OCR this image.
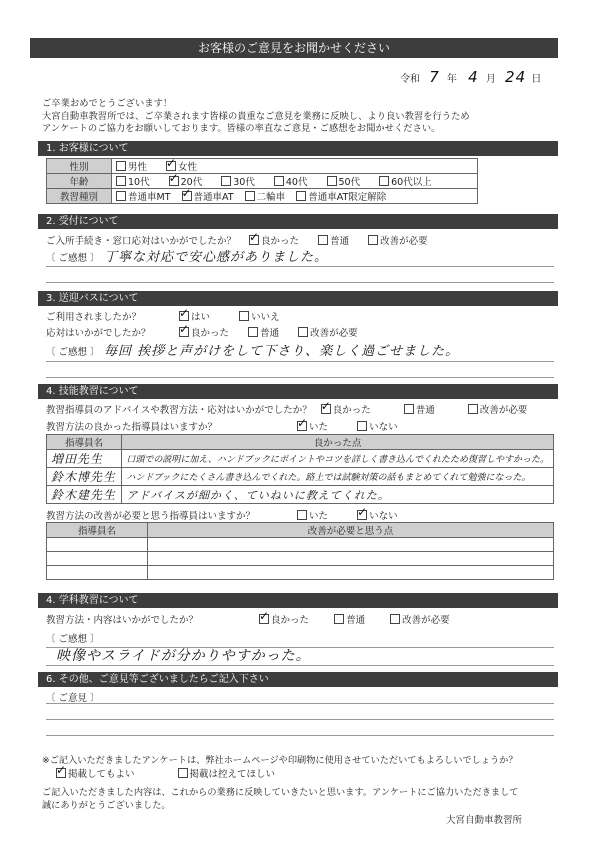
お客様のご意見をお聞かせください
令和 7 年 4 月 24 日
ご卒業おめでとうございます！
大宮自動車教習所では、ご卒業されます皆様の貴重なご意見を業務に反映し、より良い教習を行うため
アンケートのご協力をお願いしております。皆様の率直なご意見・ご感想をお聞かせください。
1. お客様について
性別	男性 ✓ 女性
年齢	10代 ✓ 20代 30代 40代 50代 60代以上
教習種別	普通車MT ✓ 普通車AT 二輪車 普通車AT限定解除
2. 受付について
ご入所手続き・窓口応対はいかがでしたか？ ✓	良かった	普通	改善が必要
〔 ご感想 〕 丁寧な対応で安心感がありました。
3. 送迎バスについて
ご利用されましたか？ ✓	はい	いいえ
応対はいかがでしたか？ ✓	良かった	普通	改善が必要
〔 ご感想 〕 毎回 挨拶と声がけをして下さり、楽しく過ごせました。
4. 技能教習について
教習指導員のアドバイスや教習方法・応対はいかがでしたか？ ✓ 良かった	普通	改善が必要
教習方法の良かった指導員はいますか？ ✓	いた	いない
指導員名	良かった点
増田先生	口頭での説明に加え、ハンドブックにポイントやコツを詳しく書き込んでくれたため復習しやすかった。
鈴木博先生	ハンドブックにたくさん書き込んでくれた。路上では試験対策の話もまとめてくれて勉強になった。
鈴木建先生	アドバイスが細かく、ていねいに教えてくれた。
教習方法の改善が必要と思う指導員はいますか？	いた ✓	いない
指導員名	改善が必要と思う点

4. 学科教習について
教習方法・内容はいかがでしたか？ ✓	良かった	普通	改善が必要
〔 ご感想 〕
映像やスライドが分かりやすかった。
6. その他、ご意見等ございましたらご記入下さい
〔 ご意見 〕
※ご記入いただきましたアンケートは、弊社ホームページや印刷物に使用させていただいてもよろしいでしょうか？
✓掲載してもよい	掲載は控えてほしい
ご記入いただきました内容は、これからの業務に反映していきたいと思います。アンケートにご協力いただきまして
誠にありがとうございました。
大宮自動車教習所
